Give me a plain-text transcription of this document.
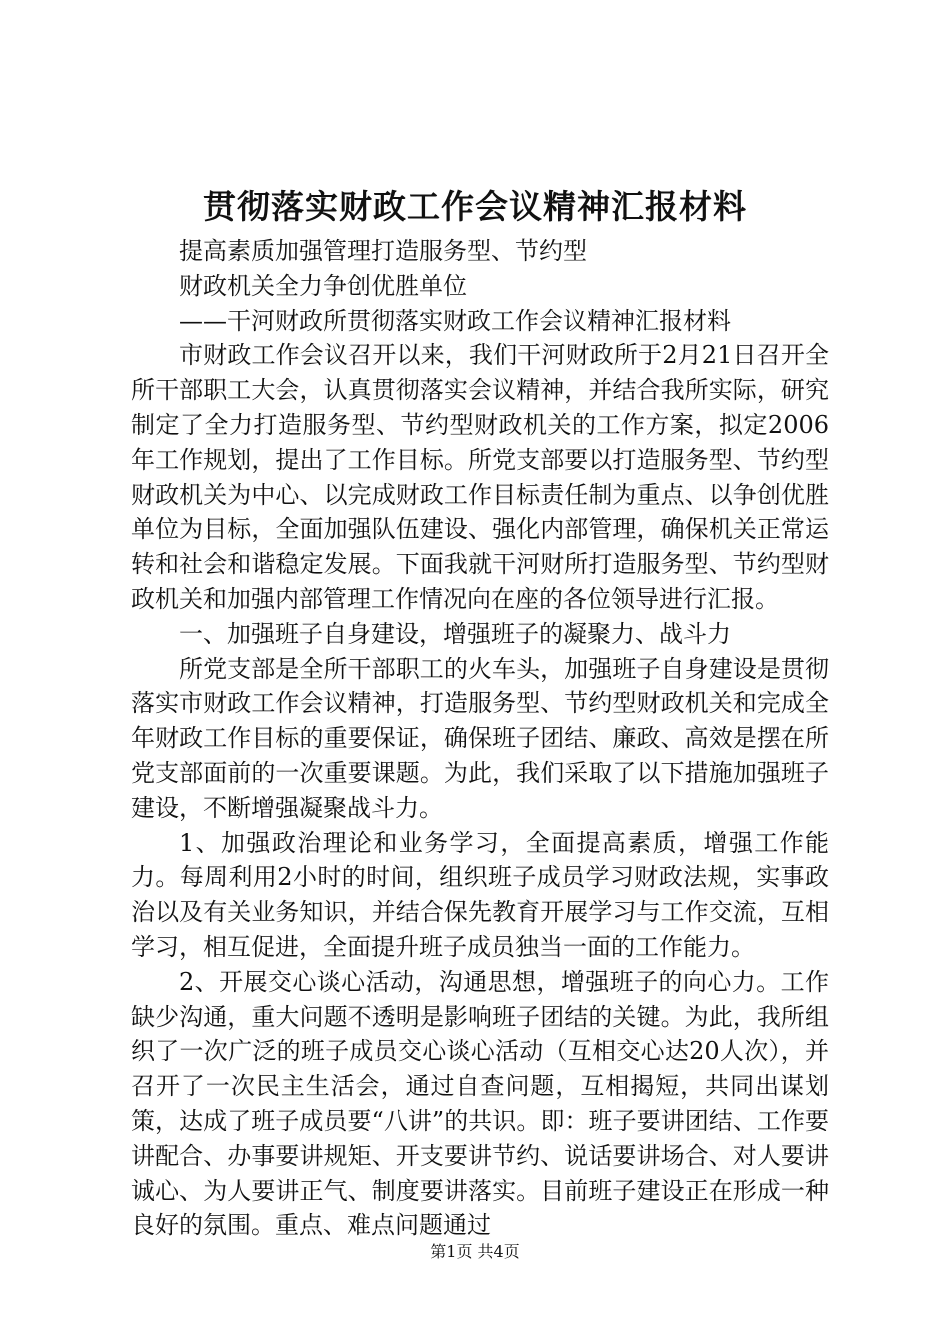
贯彻落实财政工作会议精神汇报材料

提高素质加强管理打造服务型、节约型

财政机关全力争创优胜单位

——干河财政所贯彻落实财政工作会议精神汇报材料

市财政工作会议召开以来，我们干河财政所于2月21日召开全所干部职工大会，认真贯彻落实会议精神，并结合我所实际，研究制定了全力打造服务型、节约型财政机关的工作方案，拟定2006年工作规划，提出了工作目标。所党支部要以打造服务型、节约型财政机关为中心、以完成财政工作目标责任制为重点、以争创优胜单位为目标，全面加强队伍建设、强化内部管理，确保机关正常运转和社会和谐稳定发展。下面我就干河财所打造服务型、节约型财政机关和加强内部管理工作情况向在座的各位领导进行汇报。

一、加强班子自身建设，增强班子的凝聚力、战斗力

所党支部是全所干部职工的火车头，加强班子自身建设是贯彻落实市财政工作会议精神，打造服务型、节约型财政机关和完成全年财政工作目标的重要保证，确保班子团结、廉政、高效是摆在所党支部面前的一次重要课题。为此，我们采取了以下措施加强班子建设，不断增强凝聚战斗力。

1、加强政治理论和业务学习，全面提高素质，增强工作能力。每周利用2小时的时间，组织班子成员学习财政法规，实事政治以及有关业务知识，并结合保先教育开展学习与工作交流，互相学习，相互促进，全面提升班子成员独当一面的工作能力。

2、开展交心谈心活动，沟通思想，增强班子的向心力。工作缺少沟通，重大问题不透明是影响班子团结的关键。为此，我所组织了一次广泛的班子成员交心谈心活动（互相交心达20人次），并召开了一次民主生活会，通过自查问题，互相揭短，共同出谋划策，达成了班子成员要“八讲”的共识。即：班子要讲团结、工作要讲配合、办事要讲规矩、开支要讲节约、说话要讲场合、对人要讲诚心、为人要讲正气、制度要讲落实。目前班子建设正在形成一种良好的氛围。重点、难点问题通过

第1页 共4页
